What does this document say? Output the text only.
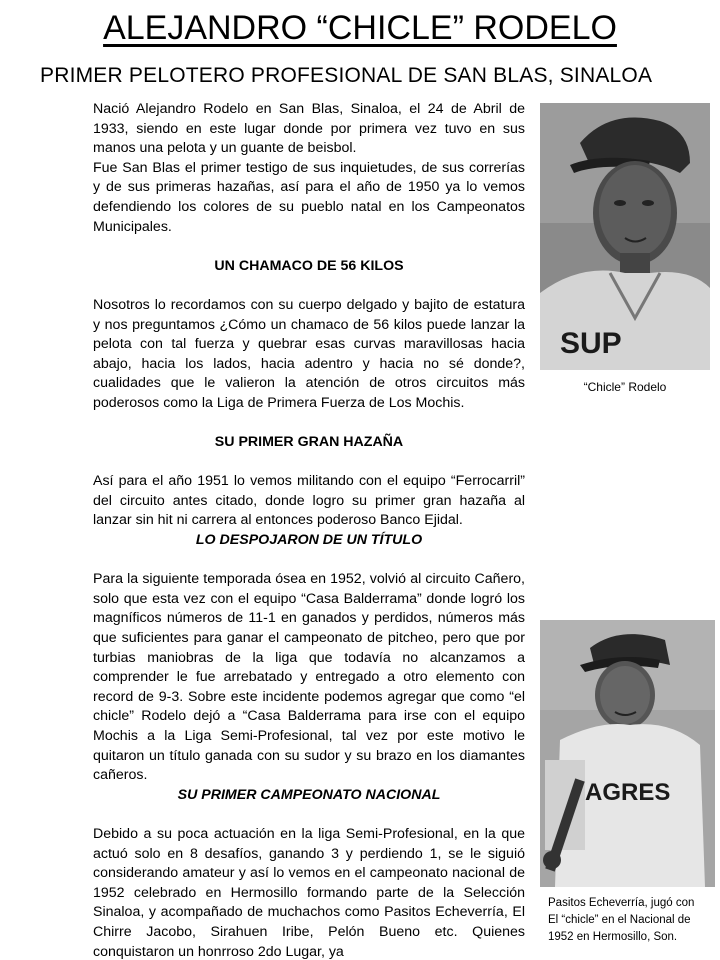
ALEJANDRO “CHICLE” RODELO
PRIMER PELOTERO PROFESIONAL DE SAN BLAS, SINALOA

Nació Alejandro Rodelo en San Blas, Sinaloa, el 24 de Abril de 1933, siendo en este lugar donde por primera vez tuvo en sus manos una pelota y un guante de beisbol.

Fue San Blas el primer testigo de sus inquietudes, de sus correrías y de sus primeras hazañas, así para el año de 1950 ya lo vemos defendiendo los colores de su pueblo natal en los Campeonatos Municipales.

UN CHAMACO DE 56 KILOS

Nosotros lo recordamos con su cuerpo delgado y bajito de estatura y nos preguntamos ¿Cómo un chamaco de 56 kilos puede lanzar la pelota con tal fuerza y quebrar esas curvas maravillosas hacia abajo, hacia los lados, hacia adentro y hacia no sé donde?, cualidades que le valieron la atención de otros circuitos más poderosos como la Liga de Primera Fuerza de Los Mochis.

SU PRIMER GRAN HAZAÑA

Así para el año 1951 lo vemos militando con el equipo “Ferrocarril” del circuito antes citado, donde logro su primer gran hazaña al lanzar sin hit ni carrera al entonces poderoso Banco Ejidal.

LO DESPOJARON DE UN TÍTULO

Para la siguiente temporada ósea en 1952, volvió al circuito Cañero, solo que esta vez con el equipo “Casa Balderrama” donde logró los magníficos números de 11-1 en ganados y perdidos, números más que suficientes para ganar el campeonato de pitcheo, pero que por turbias maniobras de la liga que todavía no alcanzamos a comprender le fue arrebatado y entregado a otro elemento con record de 9-3. Sobre este incidente podemos agregar que como “el chicle” Rodelo dejó a “Casa Balderrama para irse con el equipo Mochis a la Liga Semi-Profesional, tal vez por este motivo le quitaron un título ganada con su sudor y su brazo en los diamantes cañeros.

SU PRIMER CAMPEONATO NACIONAL

Debido a su poca actuación en la liga Semi-Profesional, en la que actuó solo en 8 desafíos, ganando 3 y perdiendo 1, se le siguió considerando amateur y así lo vemos en el campeonato nacional de 1952 celebrado en Hermosillo formando parte de la Selección Sinaloa, y acompañado de muchachos como Pasitos Echeverría, El Chirre Jacobo, Sirahuen Iribe, Pelón Bueno etc. Quienes conquistaron un honrroso 2do Lugar, ya

SUP
“Chicle” Rodelo
AGRES
Pasitos Echeverría, jugó con
El “chicle” en el Nacional de
1952 en Hermosillo, Son.
